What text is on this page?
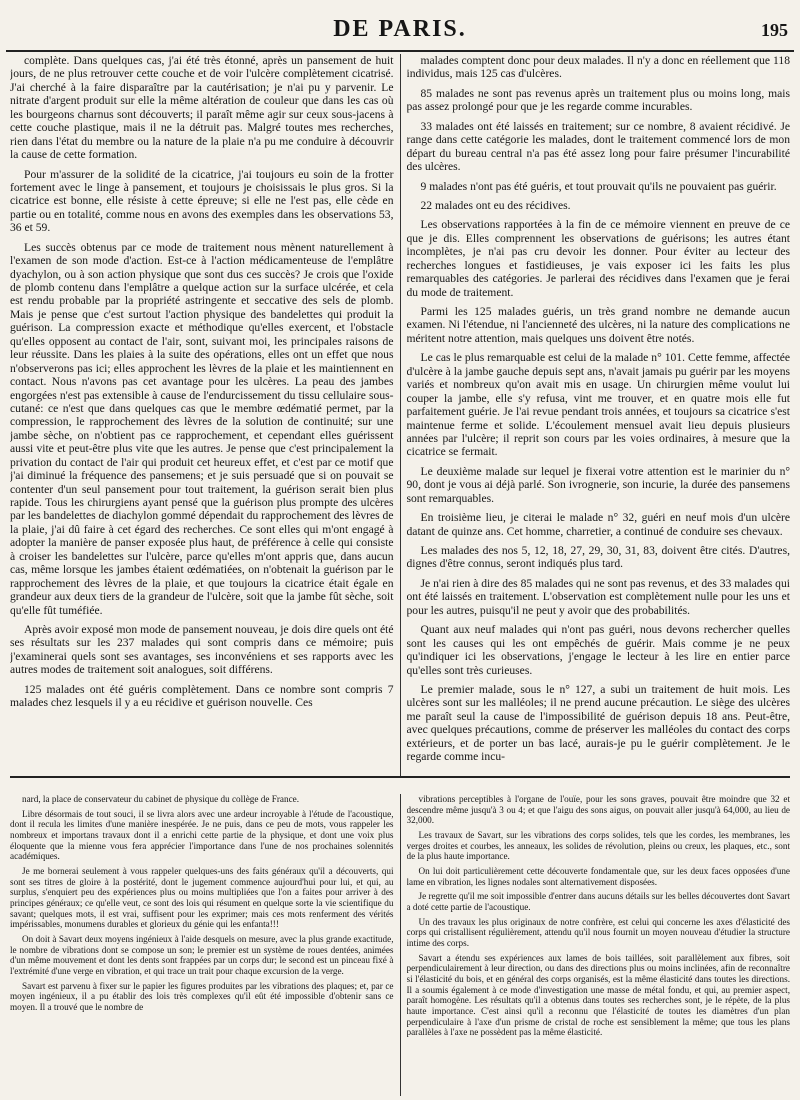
DE PARIS.	195

complète. Dans quelques cas, j'ai été très étonné, après un pansement de huit jours, de ne plus retrouver cette couche et de voir l'ulcère complètement cicatrisé. J'ai cherché à la faire disparaître par la cautérisation; je n'ai pu y parvenir. Le nitrate d'argent produit sur elle la même altération de couleur que dans les cas où les bourgeons charnus sont découverts; il paraît même agir sur ceux sous-jacens à cette couche plastique, mais il ne la détruit pas. Malgré toutes mes recherches, rien dans l'état du membre ou la nature de la plaie n'a pu me conduire à découvrir la cause de cette formation.

Pour m'assurer de la solidité de la cicatrice, j'ai toujours eu soin de la frotter fortement avec le linge à pansement, et toujours je choisissais le plus gros. Si la cicatrice est bonne, elle résiste à cette épreuve; si elle ne l'est pas, elle cède en partie ou en totalité, comme nous en avons des exemples dans les observations 53, 36 et 59.

Les succès obtenus par ce mode de traitement nous mènent naturellement à l'examen de son mode d'action. Est-ce à l'action médicamenteuse de l'emplâtre dyachylon, ou à son action physique que sont dus ces succès? Je crois que l'oxide de plomb contenu dans l'emplâtre a quelque action sur la surface ulcérée, et cela est rendu probable par la propriété astringente et seccative des sels de plomb. Mais je pense que c'est surtout l'action physique des bandelettes qui produit la guérison. La compression exacte et méthodique qu'elles exercent, et l'obstacle qu'elles opposent au contact de l'air, sont, suivant moi, les principales raisons de leur réussite. Dans les plaies à la suite des opérations, elles ont un effet que nous n'observerons pas ici; elles approchent les lèvres de la plaie et les maintiennent en contact. Nous n'avons pas cet avantage pour les ulcères. La peau des jambes engorgées n'est pas extensible à cause de l'endurcissement du tissu cellulaire sous-cutané: ce n'est que dans quelques cas que le membre œdématié permet, par la compression, le rapprochement des lèvres de la solution de continuité; sur une jambe sèche, on n'obtient pas ce rapprochement, et cependant elles guérissent aussi vite et peut-être plus vite que les autres. Je pense que c'est principalement la privation du contact de l'air qui produit cet heureux effet, et c'est par ce motif que j'ai diminué la fréquence des pansemens; et je suis persuadé que si on pouvait se contenter d'un seul pansement pour tout traitement, la guérison serait bien plus rapide. Tous les chirurgiens ayant pensé que la guérison plus prompte des ulcères par les bandelettes de diachylon gommé dépendait du rapprochement des lèvres de la plaie, j'ai dû faire à cet égard des recherches. Ce sont elles qui m'ont engagé à adopter la manière de panser exposée plus haut, de préférence à celle qui consiste à croiser les bandelettes sur l'ulcère, parce qu'elles m'ont appris que, dans aucun cas, même lorsque les jambes étaient œdématiées, on n'obtenait la guérison par le rapprochement des lèvres de la plaie, et que toujours la cicatrice était égale en grandeur aux deux tiers de la grandeur de l'ulcère, soit que la jambe fût sèche, soit qu'elle fût tuméfiée.

Après avoir exposé mon mode de pansement nouveau, je dois dire quels ont été ses résultats sur les 237 malades qui sont compris dans ce mémoire; puis j'examinerai quels sont ses avantages, ses inconvéniens et ses rapports avec les autres modes de traitement soit analogues, soit différens.

125 malades ont été guéris complètement. Dans ce nombre sont compris 7 malades chez lesquels il y a eu récidive et guérison nouvelle. Ces

malades comptent donc pour deux malades. Il n'y a donc en réellement que 118 individus, mais 125 cas d'ulcères.

85 malades ne sont pas revenus après un traitement plus ou moins long, mais pas assez prolongé pour que je les regarde comme incurables.

33 malades ont été laissés en traitement; sur ce nombre, 8 avaient récidivé. Je range dans cette catégorie les malades, dont le traitement commencé lors de mon départ du bureau central n'a pas été assez long pour faire présumer l'incurabilité des ulcères.

9 malades n'ont pas été guéris, et tout prouvait qu'ils ne pouvaient pas guérir.

22 malades ont eu des récidives.

Les observations rapportées à la fin de ce mémoire viennent en preuve de ce que je dis. Elles comprennent les observations de guérisons; les autres étant incomplètes, je n'ai pas cru devoir les donner. Pour éviter au lecteur des recherches longues et fastidieuses, je vais exposer ici les faits les plus remarquables des catégories. Je parlerai des récidives dans l'examen que je ferai du mode de traitement.

Parmi les 125 malades guéris, un très grand nombre ne demande aucun examen. Ni l'étendue, ni l'ancienneté des ulcères, ni la nature des complications ne méritent notre attention, mais quelques uns doivent être notés.

Le cas le plus remarquable est celui de la malade n° 101. Cette femme, affectée d'ulcère à la jambe gauche depuis sept ans, n'avait jamais pu guérir par les moyens variés et nombreux qu'on avait mis en usage. Un chirurgien même voulut lui couper la jambe, elle s'y refusa, vint me trouver, et en quatre mois elle fut parfaitement guérie. Je l'ai revue pendant trois années, et toujours sa cicatrice s'est maintenue ferme et solide. L'écoulement mensuel avait lieu depuis plusieurs années par l'ulcère; il reprit son cours par les voies ordinaires, à mesure que la cicatrice se fermait.

Le deuxième malade sur lequel je fixerai votre attention est le marinier du n° 90, dont je vous ai déjà parlé. Son ivrognerie, son incurie, la durée des pansemens sont remarquables.

En troisième lieu, je citerai le malade n° 32, guéri en neuf mois d'un ulcère datant de quinze ans. Cet homme, charretier, a continué de conduire ses chevaux.

Les malades des nos 5, 12, 18, 27, 29, 30, 31, 83, doivent être cités. D'autres, dignes d'être connus, seront indiqués plus tard.

Je n'ai rien à dire des 85 malades qui ne sont pas revenus, et des 33 malades qui ont été laissés en traitement. L'observation est complètement nulle pour les uns et pour les autres, puisqu'il ne peut y avoir que des probabilités.

Quant aux neuf malades qui n'ont pas guéri, nous devons rechercher quelles sont les causes qui les ont empêchés de guérir. Mais comme je ne peux qu'indiquer ici les observations, j'engage le lecteur à les lire en entier parce qu'elles sont très curieuses.

Le premier malade, sous le n° 127, a subi un traitement de huit mois. Les ulcères sont sur les malléoles; il ne prend aucune précaution. Le siège des ulcères me paraît seul la cause de l'impossibilité de guérison depuis 18 ans. Peut-être, avec quelques précautions, comme de préserver les malléoles du contact des corps extérieurs, et de porter un bas lacé, aurais-je pu le guérir complètement. Je le regarde comme incu-

nard, la place de conservateur du cabinet de physique du collège de France.

Libre désormais de tout souci, il se livra alors avec une ardeur incroyable à l'étude de l'acoustique, dont il recula les limites d'une manière inespérée. Je ne puis, dans ce peu de mots, vous rappeler les nombreux et importans travaux dont il a enrichi cette partie de la physique, et dont une voix plus éloquente que la mienne vous fera apprécier l'importance dans l'une de nos prochaines solennités académiques.

Je me bornerai seulement à vous rappeler quelques-uns des faits généraux qu'il a découverts, qui sont ses titres de gloire à la postérité, dont le jugement commence aujourd'hui pour lui, et qui, au surplus, s'enquiert peu des expériences plus ou moins multipliées que l'on a faites pour arriver à des principes généraux; ce qu'elle veut, ce sont des lois qui résument en quelque sorte la vie scientifique du savant; quelques mots, il est vrai, suffisent pour les exprimer; mais ces mots renferment des vérités impérissables, monumens durables et glorieux du génie qui les enfanta!!!

On doit à Savart deux moyens ingénieux à l'aide desquels on mesure, avec la plus grande exactitude, le nombre de vibrations dont se compose un son; le premier est un système de roues dentées, animées d'un même mouvement et dont les dents sont frappées par un corps dur; le second est un pinceau fixé à l'extrémité d'une verge en vibration, et qui trace un trait pour chaque excursion de la verge.

Savart est parvenu à fixer sur le papier les figures produites par les vibrations des plaques; et, par ce moyen ingénieux, il a pu établir des lois très complexes qu'il eût été impossible d'obtenir sans ce moyen. Il a trouvé que le nombre de

vibrations perceptibles à l'organe de l'ouïe, pour les sons graves, pouvait être moindre que 32 et descendre même jusqu'à 3 ou 4; et que l'aigu des sons aigus, on pouvait aller jusqu'à 64,000, au lieu de 32,000.

Les travaux de Savart, sur les vibrations des corps solides, tels que les cordes, les membranes, les verges droites et courbes, les anneaux, les solides de révolution, pleins ou creux, les plaques, etc., sont de la plus haute importance.

On lui doit particulièrement cette découverte fondamentale que, sur les deux faces opposées d'une lame en vibration, les lignes nodales sont alternativement disposées.

Je regrette qu'il me soit impossible d'entrer dans aucuns détails sur les belles découvertes dont Savart a doté cette partie de l'acoustique.

Un des travaux les plus originaux de notre confrère, est celui qui concerne les axes d'élasticité des corps qui cristallisent régulièrement, attendu qu'il nous fournit un moyen nouveau d'étudier la structure intime des corps.

Savart a étendu ses expériences aux lames de bois taillées, soit parallèlement aux fibres, soit perpendiculairement à leur direction, ou dans des directions plus ou moins inclinées, afin de reconnaître si l'élasticité du bois, et en général des corps organisés, est la même élasticité dans toutes les directions. Il a soumis également à ce mode d'investigation une masse de métal fondu, et qui, au premier aspect, paraît homogène. Les résultats qu'il a obtenus dans toutes ses recherches sont, je le répète, de la plus haute importance. C'est ainsi qu'il a reconnu que l'élasticité de toutes les diamètres d'un plan perpendiculaire à l'axe d'un prisme de cristal de roche est sensiblement la même; que tous les plans parallèles à l'axe ne possèdent pas la même élasticité.
